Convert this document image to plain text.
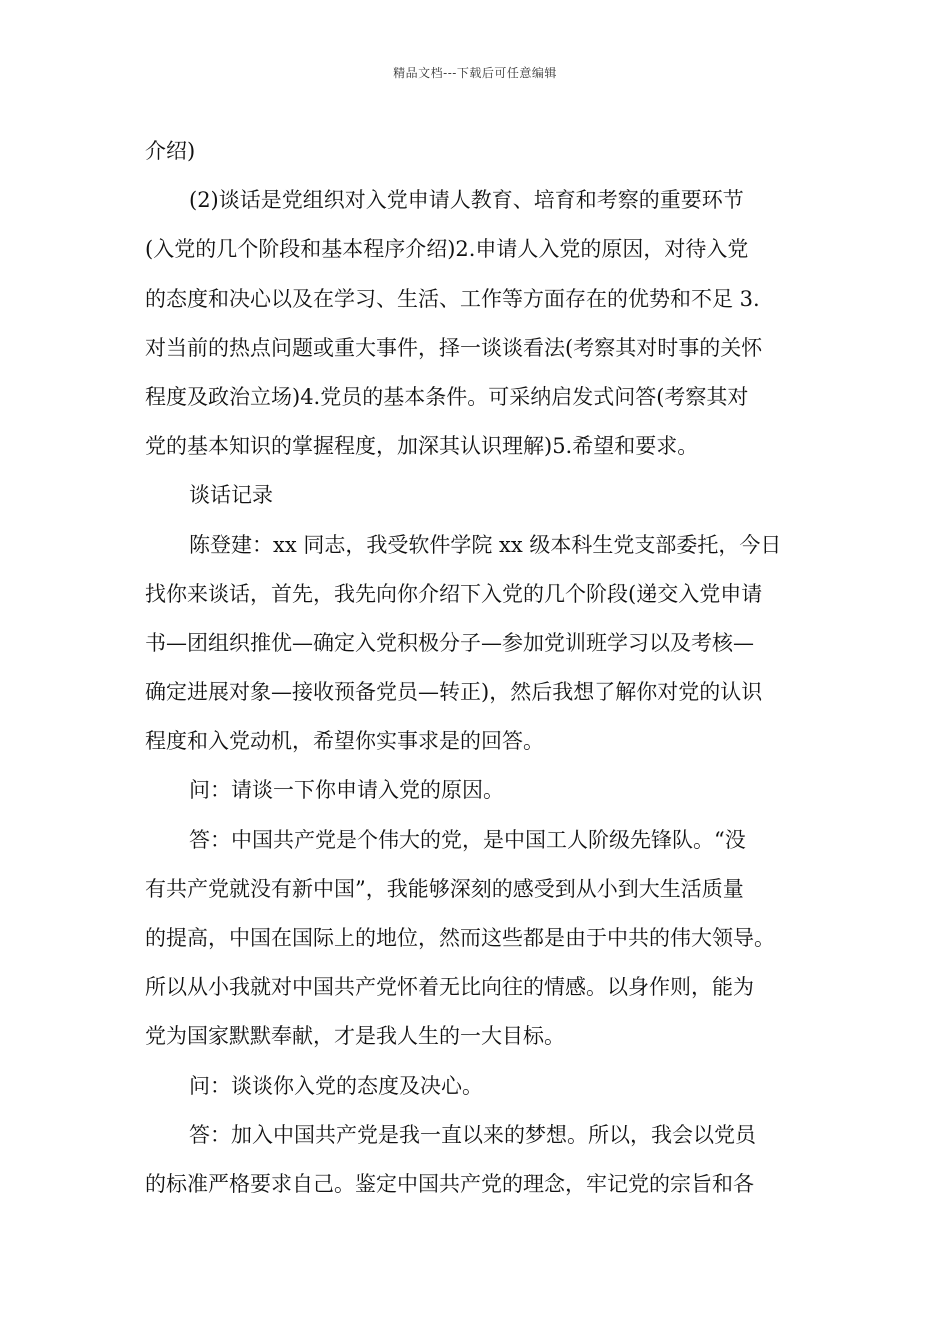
精品文档---下载后可任意编辑
介绍)
(2)谈话是党组织对入党申请人教育、培育和考察的重要环节
(入党的几个阶段和基本程序介绍)2.申请人入党的原因，对待入党
的态度和决心以及在学习、生活、工作等方面存在的优势和不足 3.
对当前的热点问题或重大事件，择一谈谈看法(考察其对时事的关怀
程度及政治立场)4.党员的基本条件。可采纳启发式问答(考察其对
党的基本知识的掌握程度，加深其认识理解)5.希望和要求。
谈话记录
陈登建：xx 同志，我受软件学院 xx 级本科生党支部委托，今日
找你来谈话，首先，我先向你介绍下入党的几个阶段(递交入党申请
书—团组织推优—确定入党积极分子—参加党训班学习以及考核—
确定进展对象—接收预备党员—转正)，然后我想了解你对党的认识
程度和入党动机，希望你实事求是的回答。
问：请谈一下你申请入党的原因。
答：中国共产党是个伟大的党，是中国工人阶级先锋队。“没
有共产党就没有新中国”，我能够深刻的感受到从小到大生活质量
的提高，中国在国际上的地位，然而这些都是由于中共的伟大领导。
所以从小我就对中国共产党怀着无比向往的情感。以身作则，能为
党为国家默默奉献，才是我人生的一大目标。
问：谈谈你入党的态度及决心。
答：加入中国共产党是我一直以来的梦想。所以，我会以党员
的标准严格要求自己。鉴定中国共产党的理念，牢记党的宗旨和各
